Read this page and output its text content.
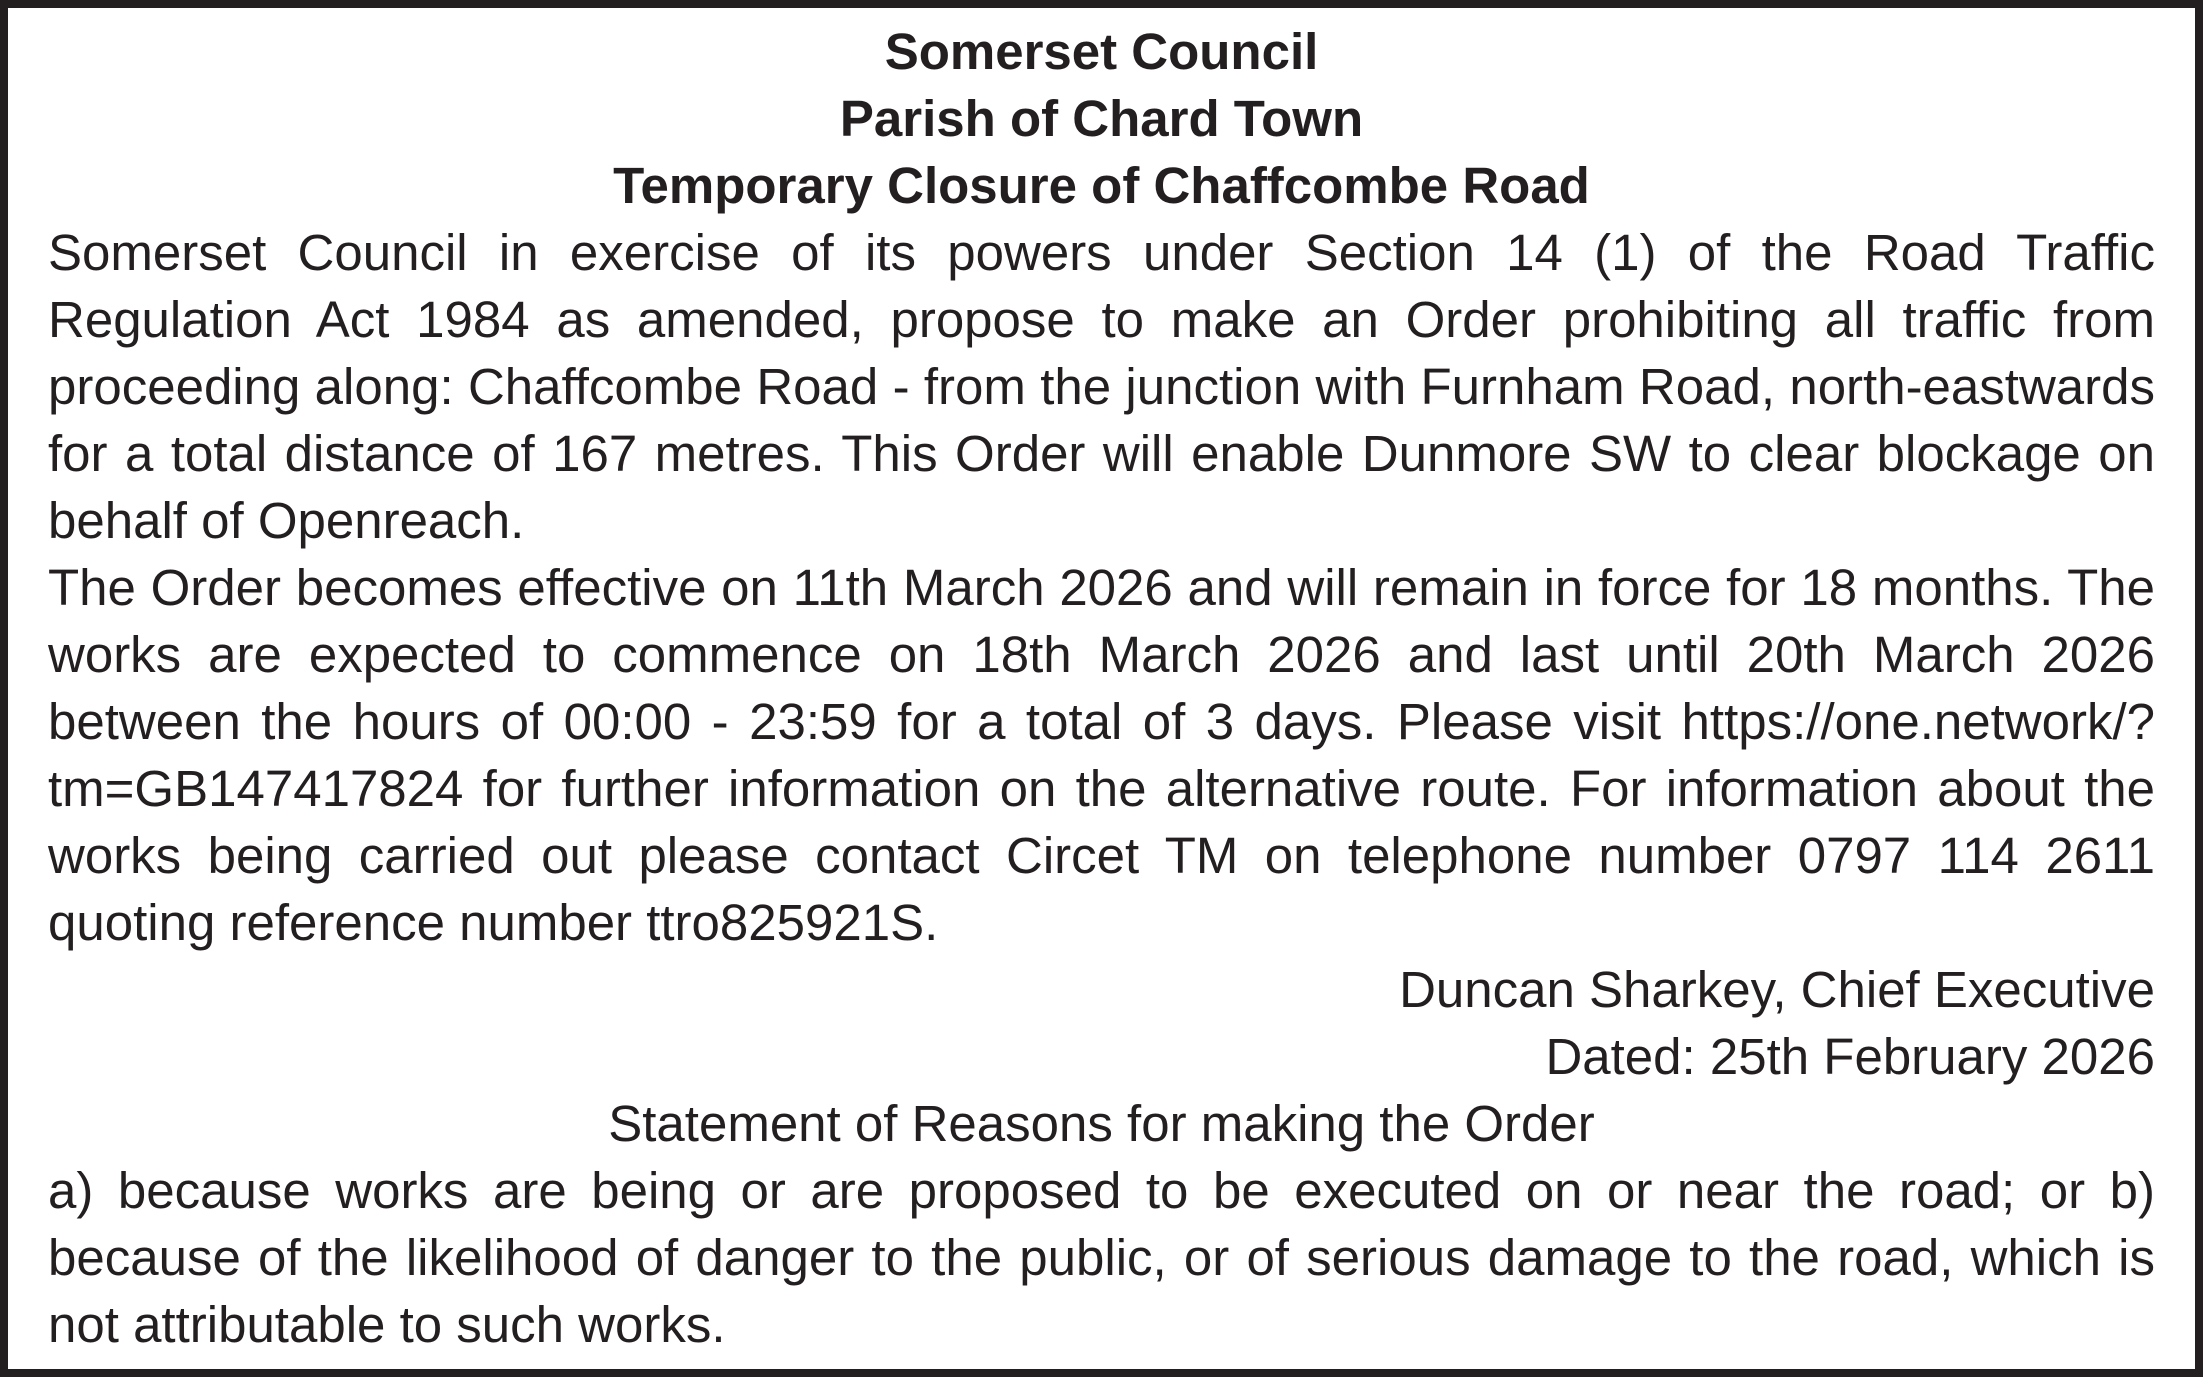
Somerset Council

Parish of Chard Town

Temporary Closure of Chaffcombe Road

Somerset Council in exercise of its powers under Section 14 (1) of the Road Traffic Regulation Act 1984 as amended, propose to make an Order prohibiting all traffic from proceeding along: Chaffcombe Road - from the junction with Furnham Road, north-eastwards for a total distance of 167 metres. This Order will enable Dunmore SW to clear blockage on behalf of Openreach.

The Order becomes effective on 11th March 2026 and will remain in force for 18 months. The works are expected to commence on 18th March 2026 and last until 20th March 2026 between the hours of 00:00 - 23:59 for a total of 3 days. Please visit https://one.network/?tm=GB147417824 for further information on the alternative route. For information about the works being carried out please contact Circet TM on telephone number 0797 114 2611 quoting reference number ttro825921S.

Duncan Sharkey, Chief Executive

Dated: 25th February 2026

Statement of Reasons for making the Order

a) because works are being or are proposed to be executed on or near the road; or b) because of the likelihood of danger to the public, or of serious damage to the road, which is not attributable to such works.
